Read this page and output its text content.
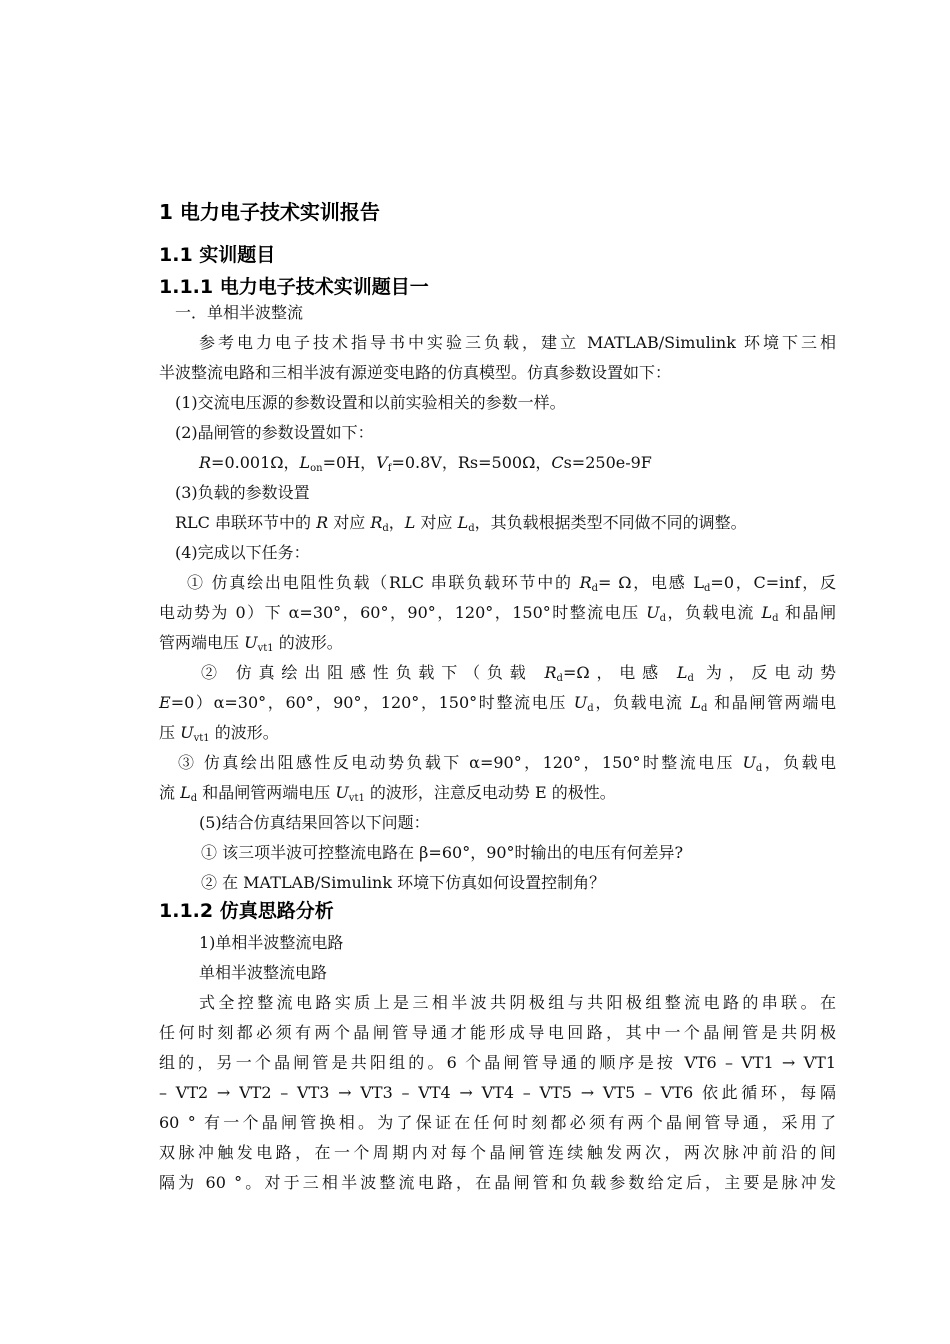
1 电力电子技术实训报告
1.1 实训题目
1.1.1 电力电子技术实训题目一
一．单相半波整流
参考电力电子技术指导书中实验三负载，建立 MATLAB/Simulink 环境下三相
半波整流电路和三相半波有源逆变电路的仿真模型。仿真参数设置如下：
(1)交流电压源的参数设置和以前实验相关的参数一样。
(2)晶闸管的参数设置如下：
R=0.001Ω，$L_{on}=0H$，$V_f=0.8V$，Rs=500Ω，Cs=250e-9F
(3)负载的参数设置
RLC 串联环节中的 R 对应 $R_d$，L 对应 $L_d$，其负载根据类型不同做不同的调整。
(4)完成以下任务：
① 仿真绘出电阻性负载（RLC 串联负载环节中的 $R_d= \Omega$，电感 $L_d=0$，C=inf，反
电动势为 0）下 α=30°，60°，90°，120°，150°时整流电压 $U_d$，负载电流 $L_d$ 和晶闸
管两端电压 $U_{vt1}$ 的波形。
② 仿真绘出阻感性负载下（负载 $R_d=\Omega$，电感 $L_d$ 为，反电动势
E=0）α=30°，60°，90°，120°，150°时整流电压 $U_d$，负载电流 $L_d$ 和晶闸管两端电
压 $U_{vt1}$ 的波形。
③ 仿真绘出阻感性反电动势负载下 α=90°，120°，150°时整流电压 $U_d$，负载电
流 $L_d$ 和晶闸管两端电压 $U_{vt1}$ 的波形，注意反电动势 E 的极性。
(5)结合仿真结果回答以下问题：
① 该三项半波可控整流电路在 β=60°，90°时输出的电压有何差异?
② 在 MATLAB/Simulink 环境下仿真如何设置控制角？
1.1.2 仿真思路分析
1)单相半波整流电路
单相半波整流电路
式全控整流电路实质上是三相半波共阴极组与共阳极组整流电路的串联。在
任何时刻都必须有两个晶闸管导通才能形成导电回路，其中一个晶闸管是共阴极
组的，另一个晶闸管是共阳组的。6 个晶闸管导通的顺序是按 VT6 – VT1 → VT1
– VT2 → VT2 – VT3 → VT3 – VT4 → VT4 – VT5 → VT5 – VT6 依此循环，每隔
60 ° 有一个晶闸管换相。为了保证在任何时刻都必须有两个晶闸管导通，采用了
双脉冲触发电路，在一个周期内对每个晶闸管连续触发两次，两次脉冲前沿的间
隔为 60 °。对于三相半波整流电路，在晶闸管和负载参数给定后，主要是脉冲发
